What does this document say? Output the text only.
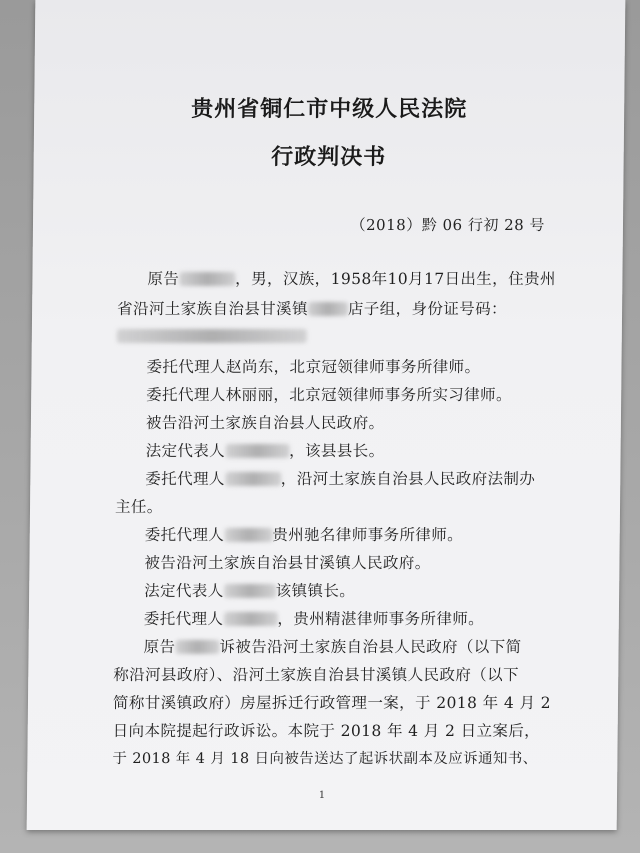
贵州省铜仁市中级人民法院
行政判决书
（2018）黔 06 行初 28 号
原告	，男，汉族，1958年10月17日出生，住贵州
省沿河土家族自治县甘溪镇	店子组，身份证号码：
委托代理人赵尚东，北京冠领律师事务所律师。
委托代理人林丽丽，北京冠领律师事务所实习律师。
被告沿河土家族自治县人民政府。
法定代表人	，该县县长。
委托代理人	，沿河土家族自治县人民政府法制办
主任。
委托代理人	贵州驰名律师事务所律师。
被告沿河土家族自治县甘溪镇人民政府。
法定代表人	该镇镇长。
委托代理人	，贵州精湛律师事务所律师。
原告	诉被告沿河土家族自治县人民政府（以下简
称沿河县政府）、沿河土家族自治县甘溪镇人民政府（以下
简称甘溪镇政府）房屋拆迁行政管理一案，于 2018 年 4 月 2
日向本院提起行政诉讼。本院于 2018 年 4 月 2 日立案后，
于 2018 年 4 月 18 日向被告送达了起诉状副本及应诉通知书、
1
